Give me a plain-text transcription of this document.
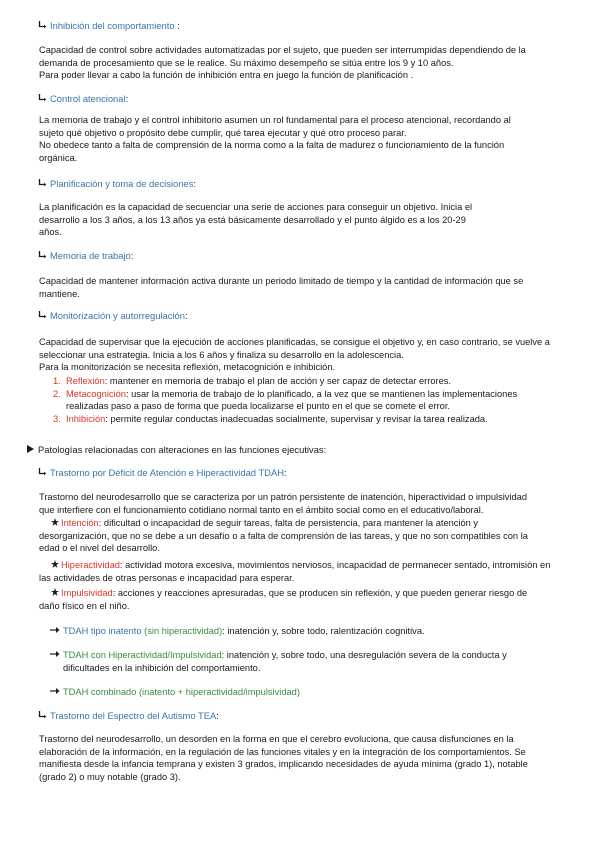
Inhibición del comportamiento :
Capacidad de control sobre actividades automatizadas por el sujeto, que pueden ser interrumpidas dependiendo de la
demanda de procesamiento que se le realice. Su máximo desempeño se sitúa entre los 9 y 10 años.
Para poder llevar a cabo la función de inhibición entra en juego la función de planificación .
Control atencional:
La memoria de trabajo y el control inhibitorio asumen un rol fundamental para el proceso atencional, recordando al
sujeto qué objetivo o propósito debe cumplir, qué tarea ejecutar y qué otro proceso parar.
No obedece tanto a falta de comprensión de la norma como a la falta de madurez o funcionamiento de la función
orgánica.
Planificación y toma de decisiones:
La planificación es la capacidad de secuenciar una serie de acciones para conseguir un objetivo. Inicia el
desarrollo a los 3 años, a los 13 años ya está básicamente desarrollado y el punto álgido es a los 20-29
años.
Memoria de trabajo:
Capacidad de mantener información activa durante un periodo limitado de tiempo y la cantidad de información que se
mantiene.
Monitorización y autorregulación:
Capacidad de supervisar que la ejecución de acciones planificadas, se consigue el objetivo y, en caso contrario, se vuelve a
seleccionar una estrategia. Inicia a los 6 años y finaliza su desarrollo en la adolescencia.
Para la monitorización se necesita reflexión, metacognición e inhibición.
1. Reflexión: mantener en memoria de trabajo el plan de acción y ser capaz de detectar errores.
2. Metacognición: usar la memoria de trabajo de lo planificado, a la vez que se mantienen las implementaciones
realizadas paso a paso de forma que pueda localizarse el punto en el que se comete el error.
3. Inhibición: permite regular conductas inadecuadas socialmente, supervisar y revisar la tarea realizada.
Patologías relacionadas con alteraciones en las funciones ejecutivas:
Trastorno por Déficit de Atención e Hiperactividad TDAH:
Trastorno del neurodesarrollo que se caracteriza por un patrón persistente de inatención, hiperactividad o impulsividad
que interfiere con el funcionamiento cotidiano normal tanto en el ámbito social como en el educativo/laboral.
Intención: dificultad o incapacidad de seguir tareas, falta de persistencia, para mantener la atención y
desorganización, que no se debe a un desafío o a falta de comprensión de las tareas, y que no son compatibles con la
edad o el nivel del desarrollo.
Hiperactividad: actividad motora excesiva, movimientos nerviosos, incapacidad de permanecer sentado, intromisión en
las actividades de otras personas e incapacidad para esperar.
Impulsividad: acciones y reacciones apresuradas, que se producen sin reflexión, y que pueden generar riesgo de
daño físico en el niño.
TDAH tipo inatento (sin hiperactividad): inatención y, sobre todo, ralentización cognitiva.
TDAH con Hiperactividad/Impulsividad: inatención y, sobre todo, una desregulación severa de la conducta y
dificultades en la inhibición del comportamiento.
TDAH combinado (inatento + hiperactividad/impulsividad)
Trastorno del Espectro del Autismo TEA:
Trastorno del neurodesarrollo, un desorden en la forma en que el cerebro evoluciona, que causa disfunciones en la
elaboración de la información, en la regulación de las funciones vitales y en la integración de los comportamientos. Se
manifiesta desde la infancia temprana y existen 3 grados, implicando necesidades de ayuda mínima (grado 1), notable
(grado 2) o muy notable (grado 3).
